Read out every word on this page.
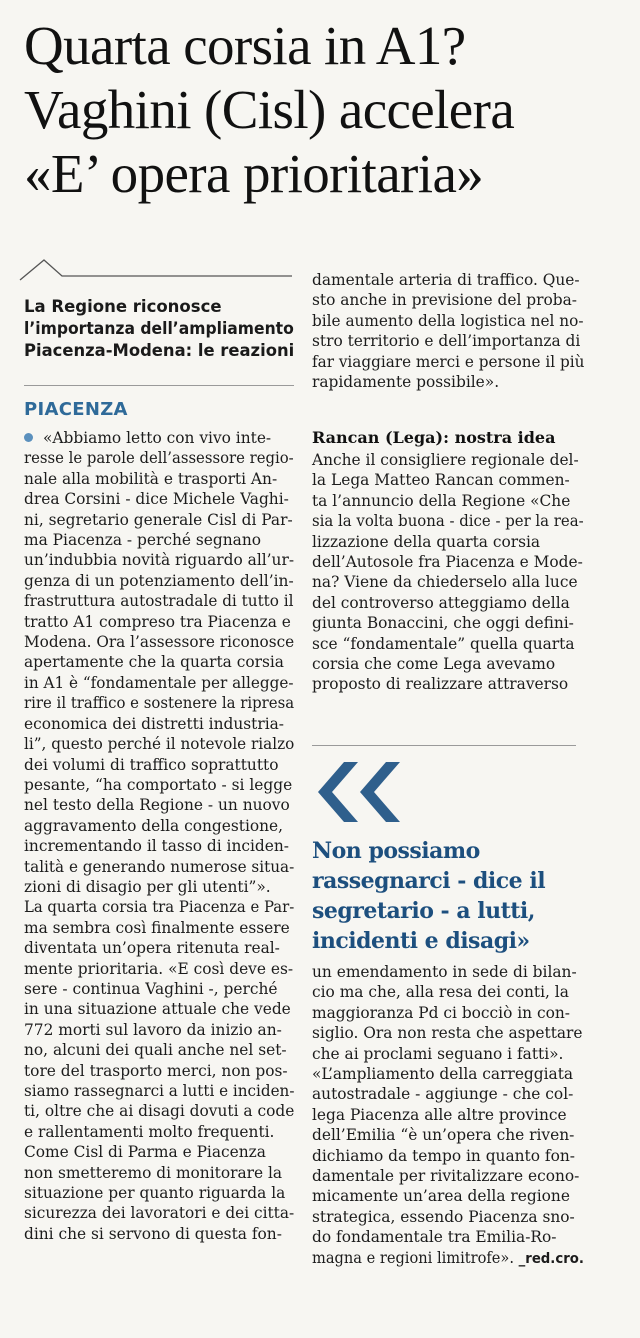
Quarta corsia in A1?
Vaghini (Cisl) accelera
«E’ opera prioritaria»
La Regione riconosce
l’importanza dell’ampliamento
Piacenza-Modena: le reazioni
PIACENZA
«Abbiamo letto con vivo inte-
resse le parole dell’assessore regio-
nale alla mobilità e trasporti An-
drea Corsini - dice Michele Vaghi-
ni, segretario generale Cisl di Par-
ma Piacenza - perché segnano
un’indubbia novità riguardo all’ur-
genza di un potenziamento dell’in-
frastruttura autostradale di tutto il
tratto A1 compreso tra Piacenza e
Modena. Ora l’assessore riconosce
apertamente che la quarta corsia
in A1 è “fondamentale per allegge-
rire il traffico e sostenere la ripresa
economica dei distretti industria-
li”, questo perché il notevole rialzo
dei volumi di traffico soprattutto
pesante, “ha comportato - si legge
nel testo della Regione - un nuovo
aggravamento della congestione,
incrementando il tasso di inciden-
talità e generando numerose situa-
zioni di disagio per gli utenti”».
La quarta corsia tra Piacenza e Par-
ma sembra così finalmente essere
diventata un’opera ritenuta real-
mente prioritaria. «E così deve es-
sere - continua Vaghini -, perché
in una situazione attuale che vede
772 morti sul lavoro da inizio an-
no, alcuni dei quali anche nel set-
tore del trasporto merci, non pos-
siamo rassegnarci a lutti e inciden-
ti, oltre che ai disagi dovuti a code
e rallentamenti molto frequenti.
Come Cisl di Parma e Piacenza
non smetteremo di monitorare la
situazione per quanto riguarda la
sicurezza dei lavoratori e dei citta-
dini che si servono di questa fon-
damentale arteria di traffico. Que-
sto anche in previsione del proba-
bile aumento della logistica nel no-
stro territorio e dell’importanza di
far viaggiare merci e persone il più
rapidamente possibile».
Rancan (Lega): nostra idea
Anche il consigliere regionale del-
la Lega Matteo Rancan commen-
ta l’annuncio della Regione «Che
sia la volta buona - dice - per la rea-
lizzazione della quarta corsia
dell’Autosole fra Piacenza e Mode-
na? Viene da chiederselo alla luce
del controverso atteggiamo della
giunta Bonaccini, che oggi defini-
sce “fondamentale” quella quarta
corsia che come Lega avevamo
proposto di realizzare attraverso
Non possiamo
rassegnarci - dice il
segretario - a lutti,
incidenti e disagi»
un emendamento in sede di bilan-
cio ma che, alla resa dei conti, la
maggioranza Pd ci bocciò in con-
siglio. Ora non resta che aspettare
che ai proclami seguano i fatti».
«L’ampliamento della carreggiata
autostradale - aggiunge - che col-
lega Piacenza alle altre province
dell’Emilia “è un’opera che riven-
dichiamo da tempo in quanto fon-
damentale per rivitalizzare econo-
micamente un’area della regione
strategica, essendo Piacenza sno-
do fondamentale tra Emilia-Ro-
magna e regioni limitrofe». _red.cro.
